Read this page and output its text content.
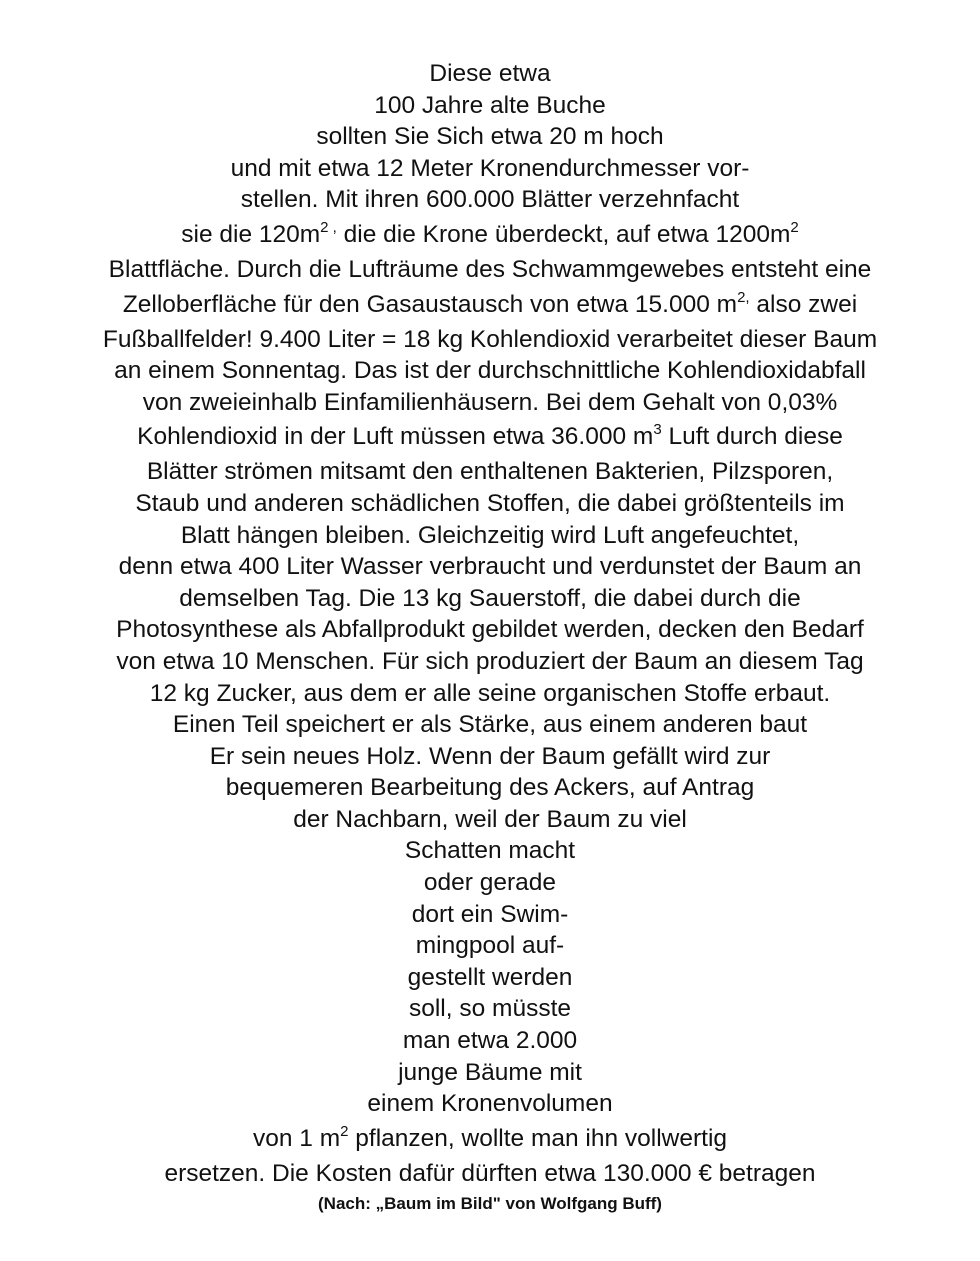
Diese etwa
100 Jahre alte Buche
sollten Sie Sich etwa 20 m hoch
und mit etwa 12 Meter Kronendurchmesser vor-
stellen. Mit ihren 600.000 Blätter verzehnfacht
sie die $120m^{2 ,}$ die die Krone überdeckt, auf etwa $1200m^2$
Blattfläche. Durch die Lufträume des Schwammgewebes entsteht eine
Zelloberfläche für den Gasaustausch von etwa 15.000 $m^{2,}$ also zwei
Fußballfelder! 9.400 Liter = 18 kg Kohlendioxid verarbeitet dieser Baum
an einem Sonnentag. Das ist der durchschnittliche Kohlendioxidabfall
von zweieinhalb Einfamilienhäusern. Bei dem Gehalt von 0,03%
Kohlendioxid in der Luft müssen etwa 36.000 $m^3$ Luft durch diese
Blätter strömen mitsamt den enthaltenen Bakterien, Pilzsporen,
Staub und anderen schädlichen Stoffen, die dabei größtenteils im
Blatt hängen bleiben. Gleichzeitig wird Luft angefeuchtet,
denn etwa 400 Liter Wasser verbraucht und verdunstet der Baum an
demselben Tag. Die 13 kg Sauerstoff, die dabei durch die
Photosynthese als Abfallprodukt gebildet werden, decken den Bedarf
von etwa 10 Menschen. Für sich produziert der Baum an diesem Tag
12 kg Zucker, aus dem er alle seine organischen Stoffe erbaut.
Einen Teil speichert er als Stärke, aus einem anderen baut
Er sein neues Holz. Wenn der Baum gefällt wird zur
bequemeren Bearbeitung des Ackers, auf Antrag
der Nachbarn, weil der Baum zu viel
Schatten macht
oder gerade
dort ein Swim-
mingpool auf-
gestellt werden
soll, so müsste
man etwa 2.000
junge Bäume mit
einem Kronenvolumen
von 1 $m^2$ pflanzen, wollte man ihn vollwertig
ersetzen. Die Kosten dafür dürften etwa 130.000 € betragen
(Nach: „Baum im Bild" von Wolfgang Buff)
